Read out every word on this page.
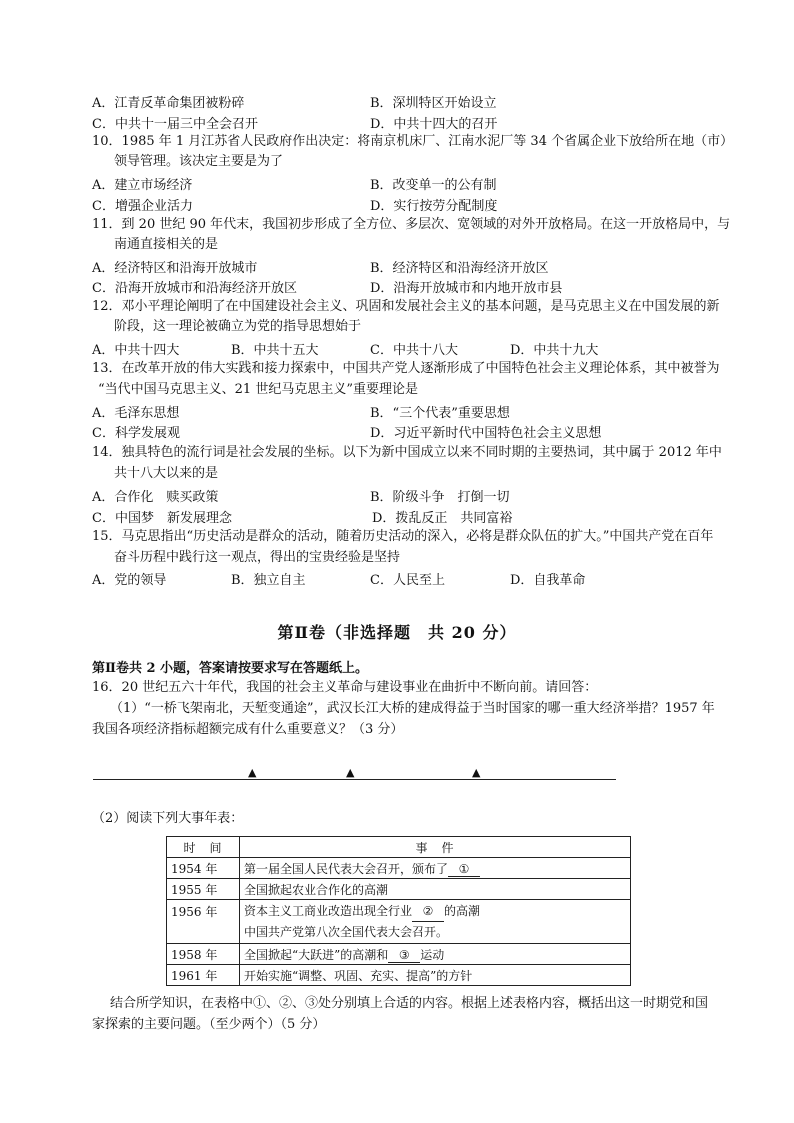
A．江青反革命集团被粉碎	B．深圳特区开始设立
C．中共十一届三中全会召开	D．中共十四大的召开
10．1985 年 1 月江苏省人民政府作出决定：将南京机床厂、江南水泥厂等 34 个省属企业下放给所在地（市）
领导管理。该决定主要是为了
A．建立市场经济	B．改变单一的公有制
C．增强企业活力	D．实行按劳分配制度
11．到 20 世纪 90 年代末，我国初步形成了全方位、多层次、宽领域的对外开放格局。在这一开放格局中，与
南通直接相关的是
A．经济特区和沿海开放城市	B．经济特区和沿海经济开放区
C．沿海开放城市和沿海经济开放区	D．沿海开放城市和内地开放市县
12．邓小平理论阐明了在中国建设社会主义、巩固和发展社会主义的基本问题，是马克思主义在中国发展的新
阶段，这一理论被确立为党的指导思想始于
A．中共十四大	B．中共十五大	C．中共十八大	D．中共十九大
13．在改革开放的伟大实践和接力探索中，中国共产党人逐渐形成了中国特色社会主义理论体系，其中被誉为
“当代中国马克思主义、21 世纪马克思主义”重要理论是
A．毛泽东思想	B．“三个代表”重要思想
C．科学发展观	D．习近平新时代中国特色社会主义思想
14．独具特色的流行词是社会发展的坐标。以下为新中国成立以来不同时期的主要热词，其中属于 2012 年中
共十八大以来的是
A．合作化　赎买政策	B．阶级斗争　打倒一切
C．中国梦　新发展理念	D．拨乱反正　共同富裕
15．马克思指出“历史活动是群众的活动，随着历史活动的深入，必将是群众队伍的扩大。”中国共产党在百年
奋斗历程中践行这一观点，得出的宝贵经验是坚持
A．党的领导	B．独立自主	C．人民至上	D．自我革命
第Ⅱ卷（非选择题　共 20 分）
第Ⅱ卷共 2 小题，答案请按要求写在答题纸上。
16．20 世纪五六十年代，我国的社会主义革命与建设事业在曲折中不断向前。请回答：
（1）“一桥飞架南北，天堑变通途”，武汉长江大桥的建成得益于当时国家的哪一重大经济举措？1957 年
我国各项经济指标超额完成有什么重要意义？（3 分）
▲	▲	▲
（2）阅读下列大事年表：
时　间	事　件
1954 年	第一届全国人民代表大会召开，颁布了 ①
1955 年	全国掀起农业合作化的高潮
1956 年	资本主义工商业改造出现全行业 ② 的高潮
中国共产党第八次全国代表大会召开。

1958 年	全国掀起“大跃进”的高潮和 ③ 运动
1961 年	开始实施“调整、巩固、充实、提高”的方针
结合所学知识，在表格中①、②、③处分别填上合适的内容。根据上述表格内容，概括出这一时期党和国
家探索的主要问题。（至少两个）（5 分）
